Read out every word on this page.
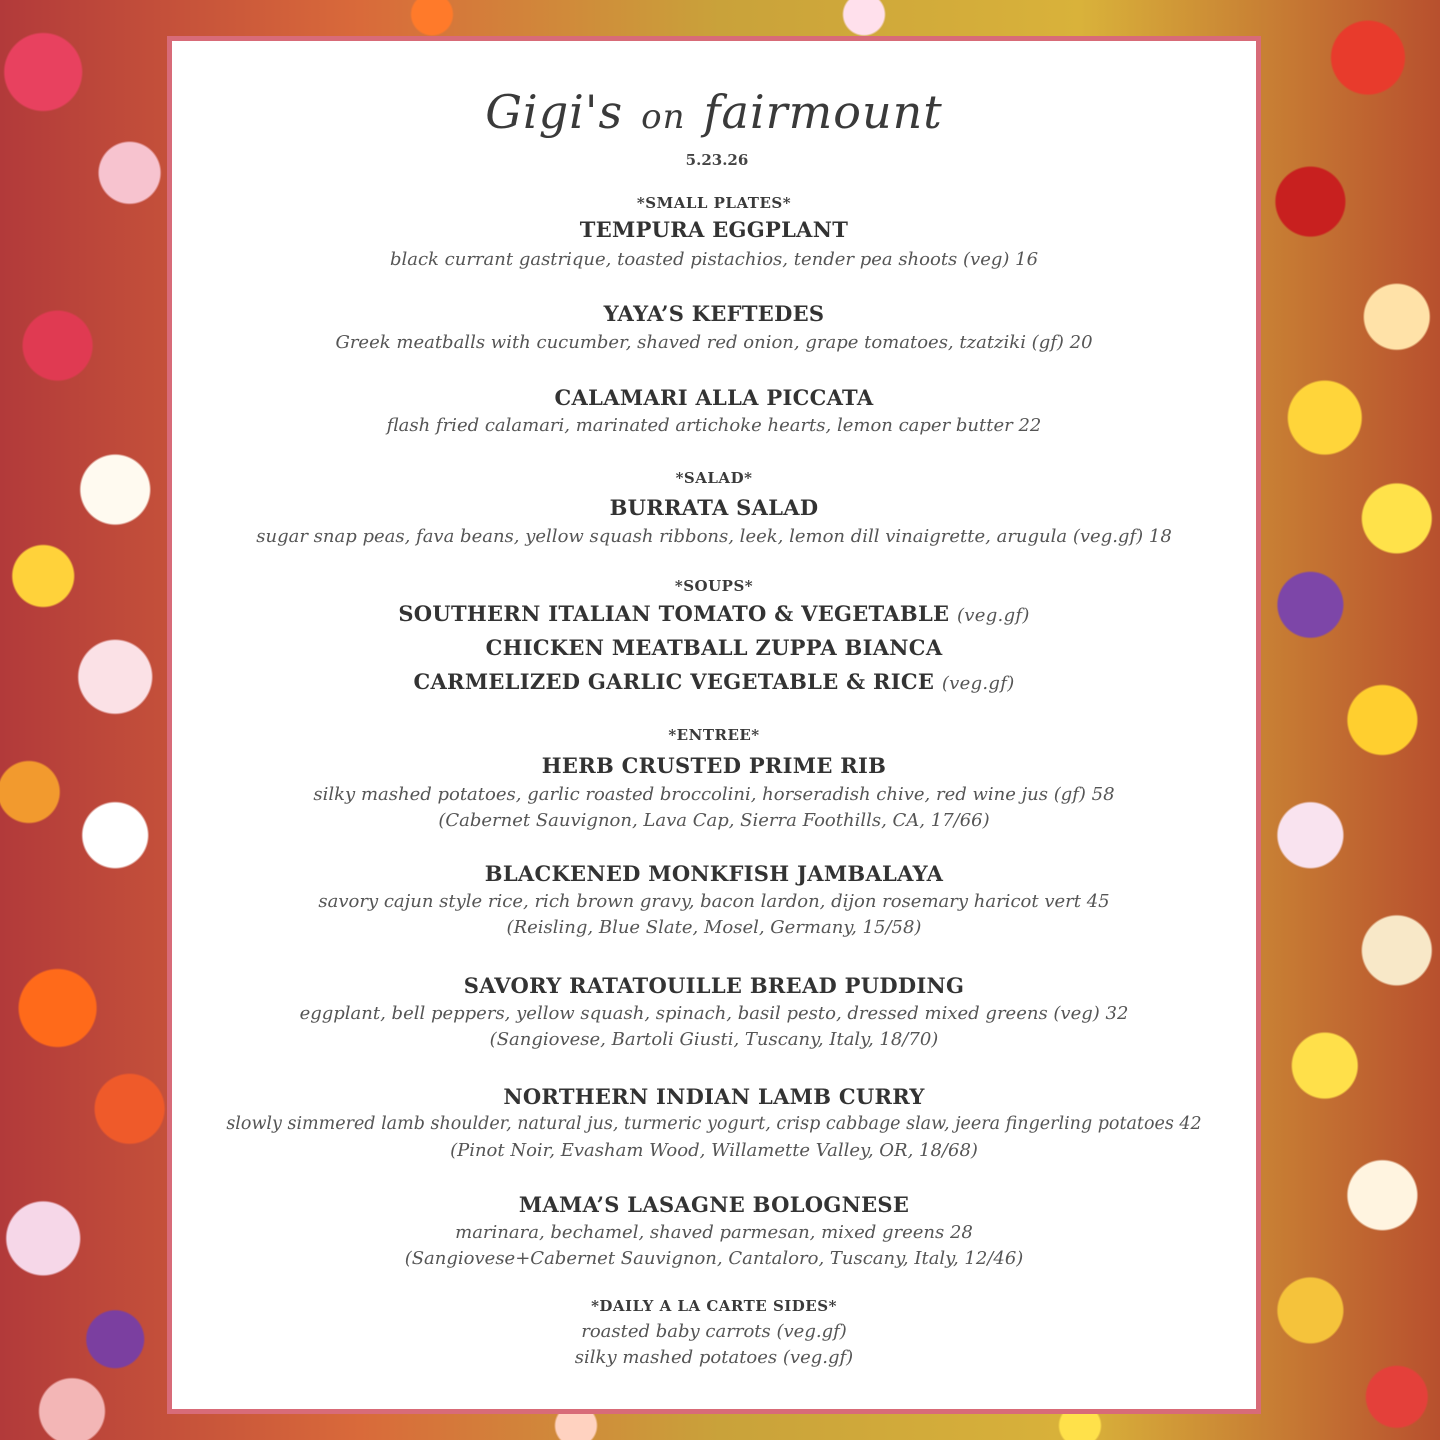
Gigi's on fairmount
5.23.26
*SMALL PLATES*
TEMPURA EGGPLANT
black currant gastrique, toasted pistachios, tender pea shoots (veg) 16
YAYA’S KEFTEDES
Greek meatballs with cucumber, shaved red onion, grape tomatoes, tzatziki (gf) 20
CALAMARI ALLA PICCATA
flash fried calamari, marinated artichoke hearts, lemon caper butter 22
*SALAD*
BURRATA SALAD
sugar snap peas, fava beans, yellow squash ribbons, leek, lemon dill vinaigrette, arugula (veg.gf) 18
*SOUPS*
SOUTHERN ITALIAN TOMATO & VEGETABLE (veg.gf)
CHICKEN MEATBALL ZUPPA BIANCA
CARMELIZED GARLIC VEGETABLE & RICE (veg.gf)
*ENTREE*
HERB CRUSTED PRIME RIB
silky mashed potatoes, garlic roasted broccolini, horseradish chive, red wine jus (gf) 58
(Cabernet Sauvignon, Lava Cap, Sierra Foothills, CA, 17/66)
BLACKENED MONKFISH JAMBALAYA
savory cajun style rice, rich brown gravy, bacon lardon, dijon rosemary haricot vert 45
(Reisling, Blue Slate, Mosel, Germany, 15/58)
SAVORY RATATOUILLE BREAD PUDDING
eggplant, bell peppers, yellow squash, spinach, basil pesto, dressed mixed greens (veg) 32
(Sangiovese, Bartoli Giusti, Tuscany, Italy, 18/70)
NORTHERN INDIAN LAMB CURRY
slowly simmered lamb shoulder, natural jus, turmeric yogurt, crisp cabbage slaw, jeera fingerling potatoes 42
(Pinot Noir, Evasham Wood, Willamette Valley, OR, 18/68)
MAMA’S LASAGNE BOLOGNESE
marinara, bechamel, shaved parmesan, mixed greens 28
(Sangiovese+Cabernet Sauvignon, Cantaloro, Tuscany, Italy, 12/46)
*DAILY A LA CARTE SIDES*
roasted baby carrots (veg.gf)
silky mashed potatoes (veg.gf)
